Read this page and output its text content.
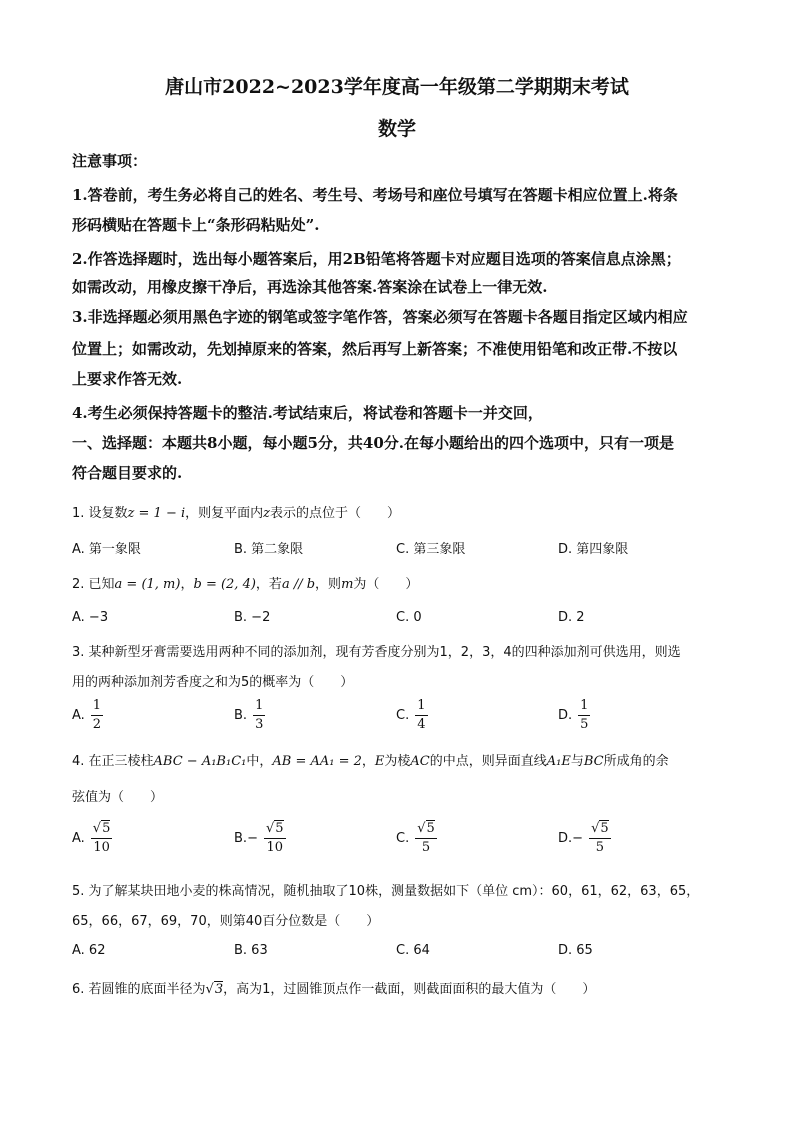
唐山市2022~2023学年度高一年级第二学期期末考试
数学
注意事项：
1.答卷前，考生务必将自己的姓名、考生号、考场号和座位号填写在答题卡相应位置上.将条
形码横贴在答题卡上“条形码粘贴处”.
2.作答选择题时，选出每小题答案后，用2B铅笔将答题卡对应题目选项的答案信息点涂黑；
如需改动，用橡皮擦干净后，再选涂其他答案.答案涂在试卷上一律无效.
3.非选择题必须用黑色字迹的钢笔或签字笔作答，答案必须写在答题卡各题目指定区域内相应
位置上；如需改动，先划掉原来的答案，然后再写上新答案；不准使用铅笔和改正带.不按以
上要求作答无效.
4.考生必须保持答题卡的整洁.考试结束后，将试卷和答题卡一并交回，
一、选择题：本题共8小题，每小题5分，共40分.在每小题给出的四个选项中，只有一项是
符合题目要求的.
1. 设复数z = 1 − i，则复平面内z表示的点位于（　　）
A. 第一象限	B. 第二象限	C. 第三象限	D. 第四象限
2. 已知a = (1, m)，b = (2, 4)，若a // b，则m为（　　）
A. −3	B. −2	C. 0	D. 2
3. 某种新型牙膏需要选用两种不同的添加剂，现有芳香度分别为1，2，3，4的四种添加剂可供选用，则选
用的两种添加剂芳香度之和为5的概率为（　　）
A. $\frac{1}{2}$	B. $\frac{1}{3}$	C. $\frac{1}{4}$	D. $\frac{1}{5}$
4. 在正三棱柱ABC − A₁B₁C₁中，AB = AA₁ = 2，E为棱AC的中点，则异面直线A₁E与BC所成角的余
弦值为（　　）
A. $\frac{√5}{10}$	$B.- \frac{√5}{10}$	C. $\frac{√5}{5}$	$D.- \frac{√5}{5}$
5. 为了解某块田地小麦的株高情况，随机抽取了10株，测量数据如下（单位 cm）：60，61，62，63，65，
65，66，67，69，70，则第40百分位数是（　　）
A. 62	B. 63	C. 64	D. 65
6. 若圆锥的底面半径为√3，高为1，过圆锥顶点作一截面，则截面面积的最大值为（　　）
